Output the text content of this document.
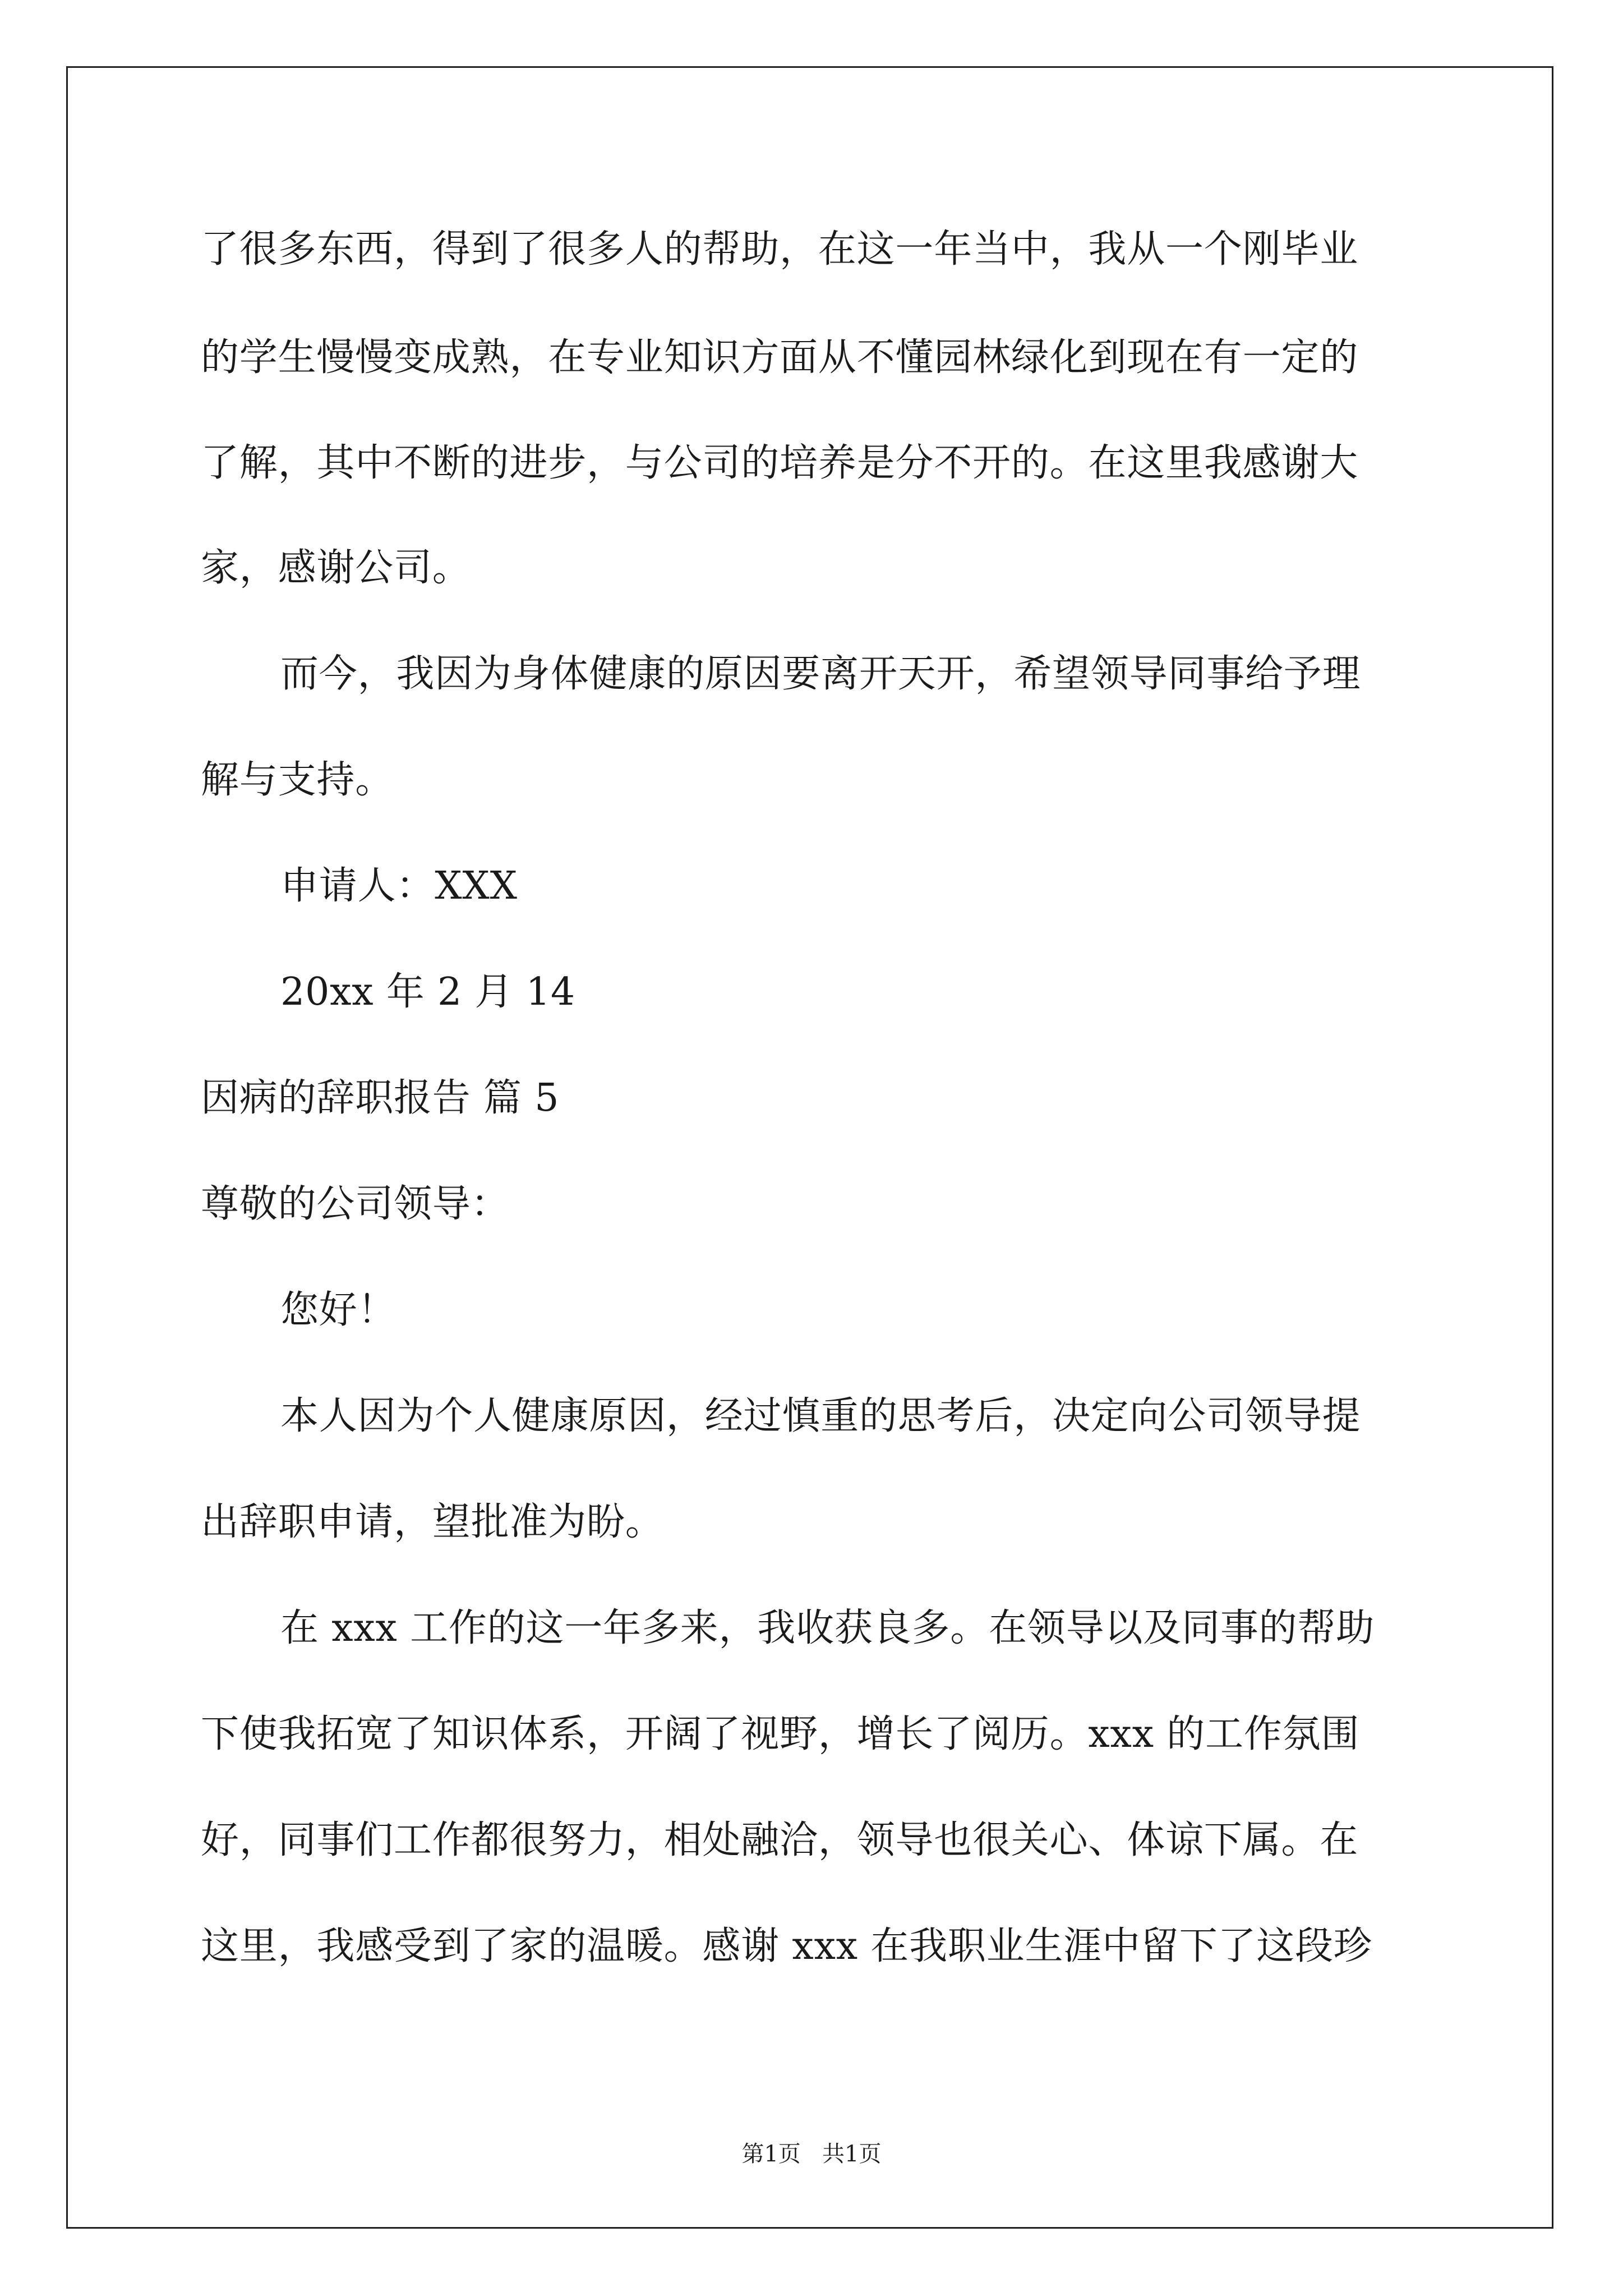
了很多东西，得到了很多人的帮助，在这一年当中，我从一个刚毕业
的学生慢慢变成熟，在专业知识方面从不懂园林绿化到现在有一定的
了解，其中不断的进步，与公司的培养是分不开的。在这里我感谢大
家，感谢公司。
而今，我因为身体健康的原因要离开天开，希望领导同事给予理
解与支持。
申请人：XXX
20xx 年 2 月 14
因病的辞职报告 篇 5
尊敬的公司领导：
您好！
本人因为个人健康原因，经过慎重的思考后，决定向公司领导提
出辞职申请，望批准为盼。
在 xxx 工作的这一年多来，我收获良多。在领导以及同事的帮助
下使我拓宽了知识体系，开阔了视野，增长了阅历。xxx 的工作氛围
好，同事们工作都很努力，相处融洽，领导也很关心、体谅下属。在
这里，我感受到了家的温暖。感谢 xxx 在我职业生涯中留下了这段珍
第1页   共1页
